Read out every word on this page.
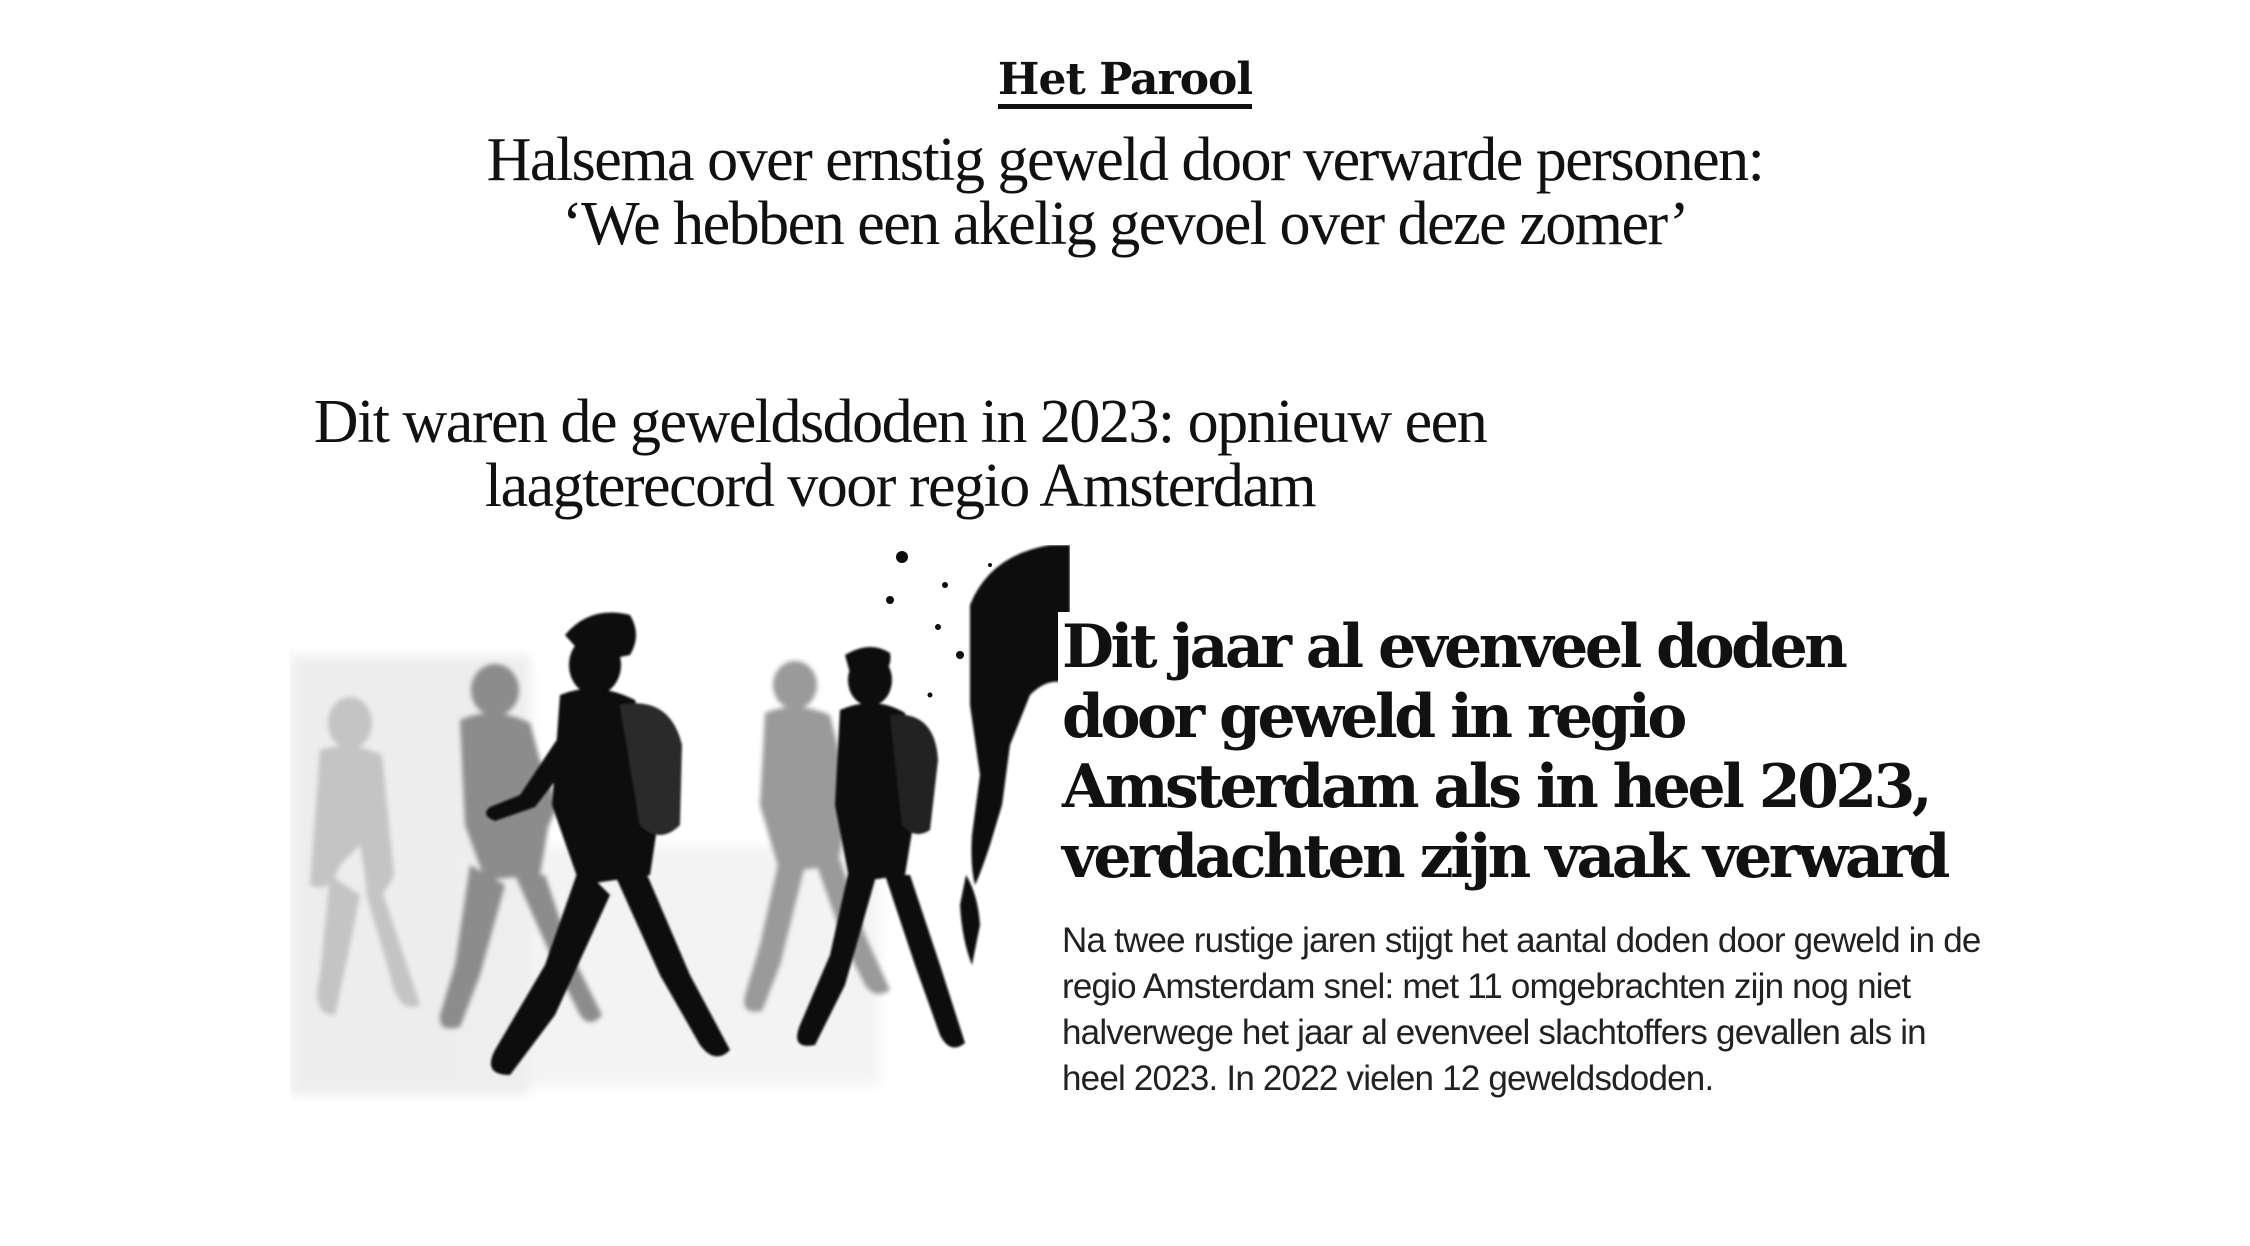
Het Parool
Halsema over ernstig geweld door verwarde personen: ‘We hebben een akelig gevoel over deze zomer’
Dit waren de geweldsdoden in 2023: opnieuw een laagterecord voor regio Amsterdam
Dit jaar al evenveel doden door geweld in regio Amsterdam als in heel 2023, verdachten zijn vaak verward

Na twee rustige jaren stijgt het aantal doden door geweld in de regio Amsterdam snel: met 11 omgebrachten zijn nog niet halverwege het jaar al evenveel slachtoffers gevallen als in heel 2023. In 2022 vielen 12 geweldsdoden.
